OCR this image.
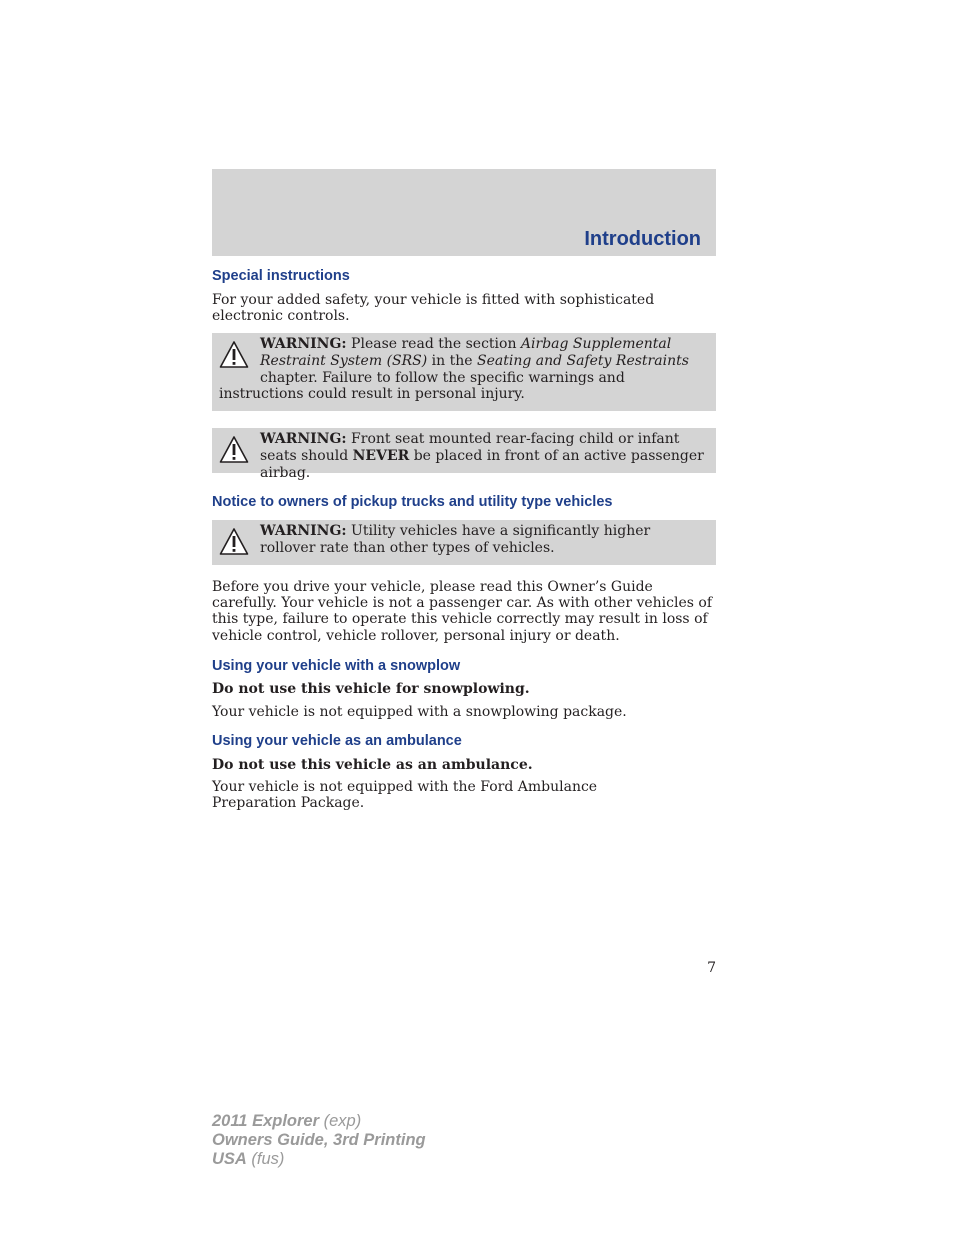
Introduction
Special instructions

For your added safety, your vehicle is fitted with sophisticated electronic controls.

WARNING: Please read the section Airbag Supplemental Restraint System (SRS) in the Seating and Safety Restraints chapter. Failure to follow the specific warnings and instructions could result in personal injury.
WARNING: Front seat mounted rear-facing child or infant seats should NEVER be placed in front of an active passenger airbag.
Notice to owners of pickup trucks and utility type vehicles
WARNING: Utility vehicles have a significantly higher rollover rate than other types of vehicles.

Before you drive your vehicle, please read this Owner’s Guide carefully. Your vehicle is not a passenger car. As with other vehicles of this type, failure to operate this vehicle correctly may result in loss of vehicle control, vehicle rollover, personal injury or death.

Using your vehicle with a snowplow

Do not use this vehicle for snowplowing.

Your vehicle is not equipped with a snowplowing package.

Using your vehicle as an ambulance

Do not use this vehicle as an ambulance.

Your vehicle is not equipped with the Ford Ambulance Preparation Package.

7
2011 Explorer (exp)
Owners Guide, 3rd Printing
USA (fus)
